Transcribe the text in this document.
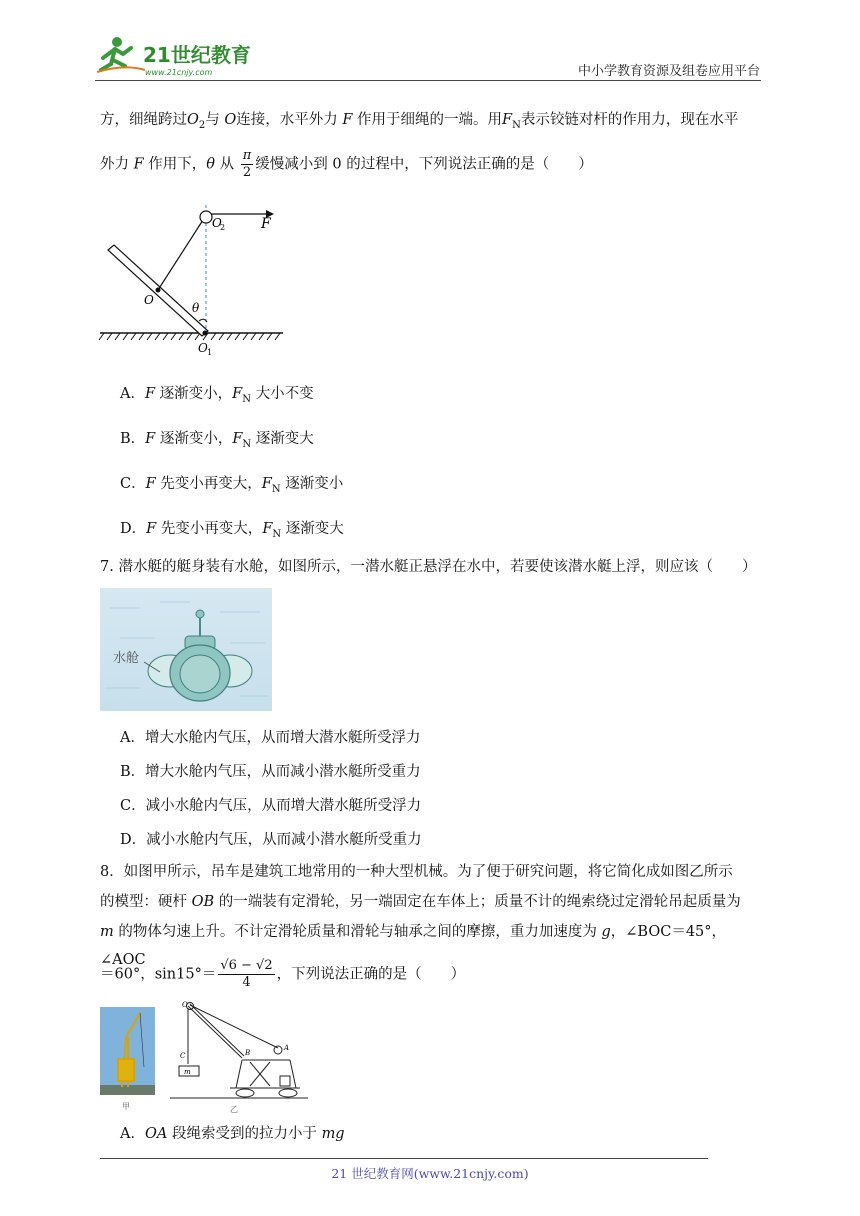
21世纪教育
www.21cnjy.com	中小学教育资源及组卷应用平台
方，细绳跨过$O_2$与 O连接，水平外力 F 作用于细绳的一端。用$F_N$表示铰链对杆的作用力，现在水平
外力 F 作用下，θ 从 $\frac{\pi}{2}$ 缓慢减小到 0 的过程中，下列说法正确的是（　　）
O
2	F
O
θ
O 1
A．F 逐渐变小，$F_N$ 大小不变
B．F 逐渐变小，$F_N$ 逐渐变大
C．F 先变小再变大，$F_N$ 逐渐变小
D．F 先变小再变大，$F_N$ 逐渐变大
7. 潜水艇的艇身装有水舱，如图所示，一潜水艇正悬浮在水中，若要使该潜水艇上浮，则应该（　　）
水舱
A．增大水舱内气压，从而增大潜水艇所受浮力
B．增大水舱内气压，从而减小潜水艇所受重力
C．减小水舱内气压，从而增大潜水艇所受浮力
D．减小水舱内气压，从而减小潜水艇所受重力
8．如图甲所示，吊车是建筑工地常用的一种大型机械。为了便于研究问题，将它简化成如图乙所示
的模型：硬杆 OB 的一端装有定滑轮，另一端固定在车体上；质量不计的绳索绕过定滑轮吊起质量为
m 的物体匀速上升。不计定滑轮质量和滑轮与轴承之间的摩擦，重力加速度为 g，∠BOC＝45°，∠AOC
＝60°，$\sin 15^\circ= \frac{√6 - √2}{4}$ ，下列说法正确的是（　　）
甲
O
C
m
B
A
乙
A．OA 段绳索受到的拉力小于 mg
21 世纪教育网(www.21cnjy.com)
